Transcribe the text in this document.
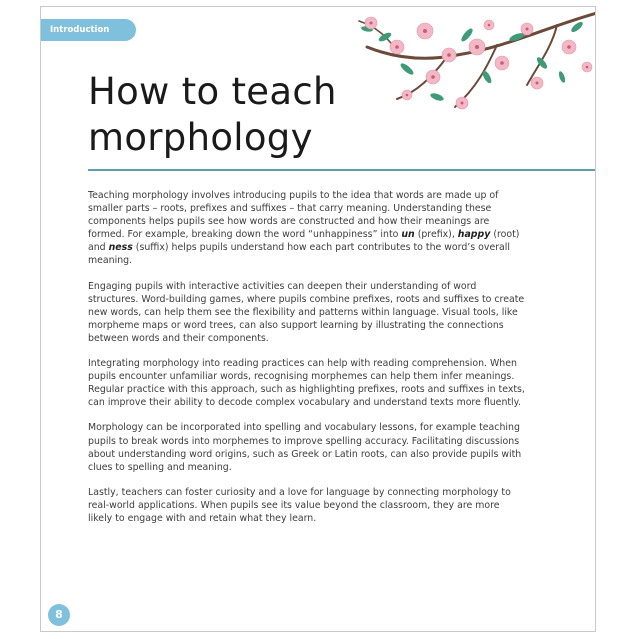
Introduction
How to teach
morphology

Teaching morphology involves introducing pupils to the idea that words are made up of smaller parts – roots, prefixes and suffixes – that carry meaning. Understanding these components helps pupils see how words are constructed and how their meanings are formed. For example, breaking down the word “unhappiness” into un (prefix), happy (root) and ness (suffix) helps pupils understand how each part contributes to the word’s overall meaning.

Engaging pupils with interactive activities can deepen their understanding of word structures. Word-building games, where pupils combine prefixes, roots and suffixes to create new words, can help them see the flexibility and patterns within language. Visual tools, like morpheme maps or word trees, can also support learning by illustrating the connections between words and their components.

Integrating morphology into reading practices can help with reading comprehension. When pupils encounter unfamiliar words, recognising morphemes can help them infer meanings. Regular practice with this approach, such as highlighting prefixes, roots and suffixes in texts, can improve their ability to decode complex vocabulary and understand texts more fluently.

Morphology can be incorporated into spelling and vocabulary lessons, for example teaching pupils to break words into morphemes to improve spelling accuracy. Facilitating discussions about understanding word origins, such as Greek or Latin roots, can also provide pupils with clues to spelling and meaning.

Lastly, teachers can foster curiosity and a love for language by connecting morphology to real-world applications. When pupils see its value beyond the classroom, they are more likely to engage with and retain what they learn.

8
